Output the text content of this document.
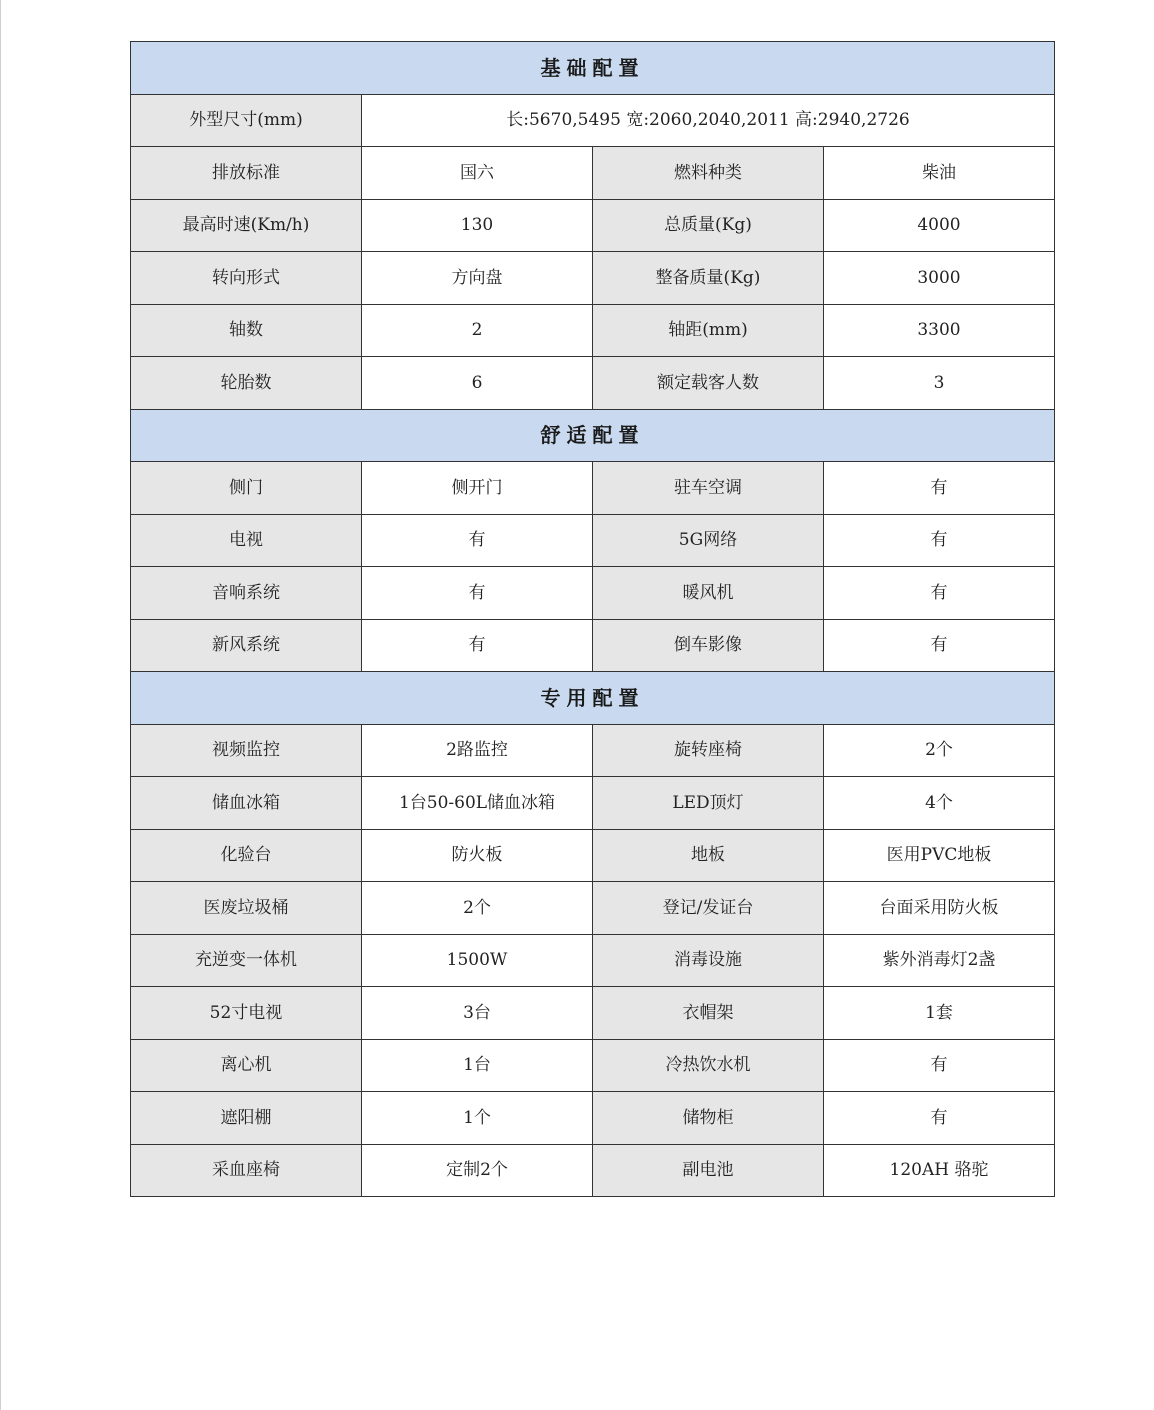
基础配置			
外型尺寸(mm)	长:5670,5495 宽:2060,2040,2011 高:2940,2726		
排放标准	国六	燃料种类	柴油
最高时速(Km/h)	130	总质量(Kg)	4000
转向形式	方向盘	整备质量(Kg)	3000
轴数	2	轴距(mm)	3300
轮胎数	6	额定载客人数	3
舒适配置			
侧门	侧开门	驻车空调	有
电视	有	5G网络	有
音响系统	有	暖风机	有
新风系统	有	倒车影像	有
专用配置			
视频监控	2路监控	旋转座椅	2个
储血冰箱	1台50-60L储血冰箱	LED顶灯	4个
化验台	防火板	地板	医用PVC地板
医废垃圾桶	2个	登记/发证台	台面采用防火板
充逆变一体机	1500W	消毒设施	紫外消毒灯2盏
52寸电视	3台	衣帽架	1套
离心机	1台	冷热饮水机	有
遮阳棚	1个	储物柜	有
采血座椅	定制2个	副电池	120AH 骆驼
